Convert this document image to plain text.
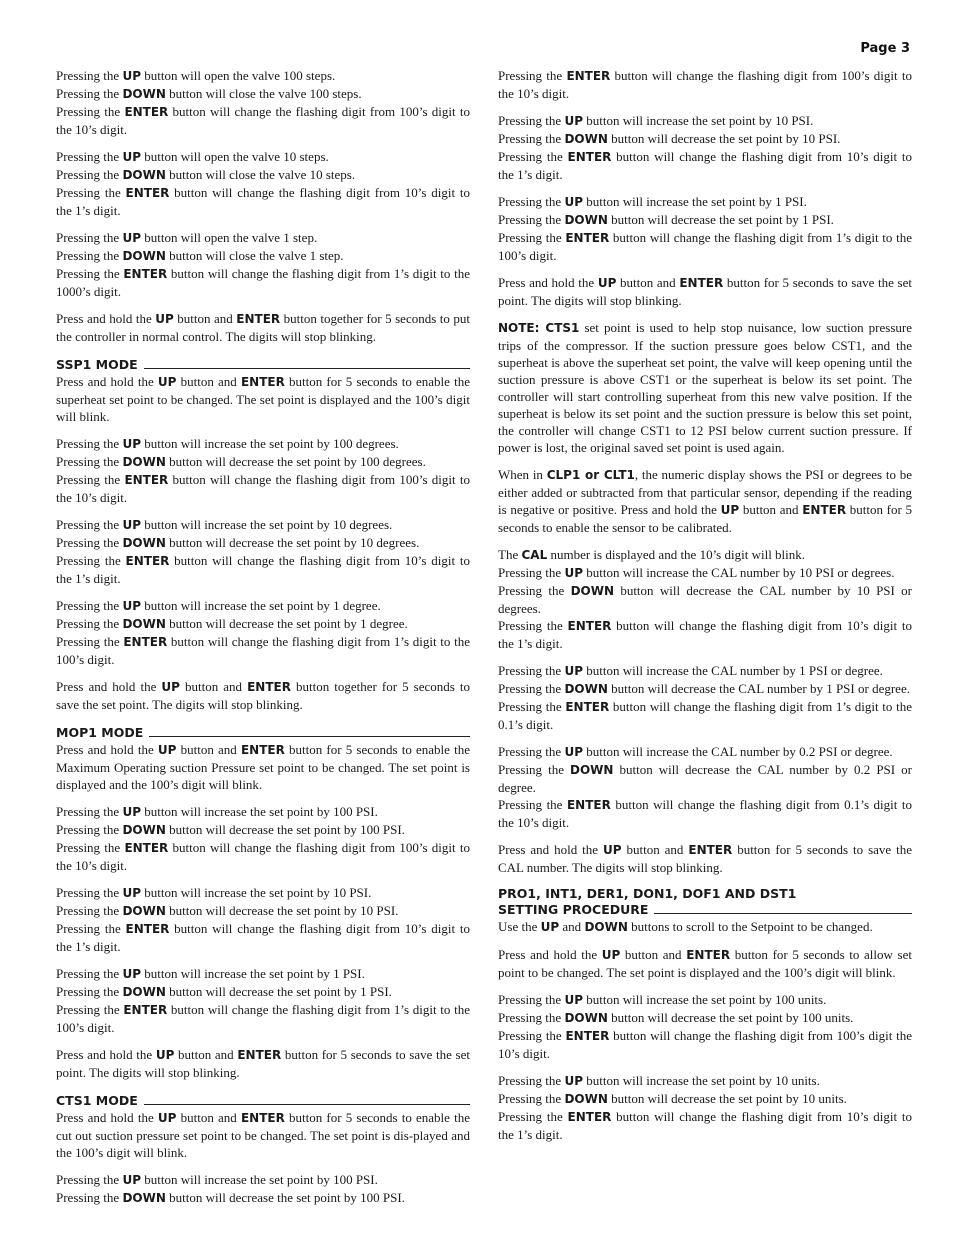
Page 3

Pressing the UP button will open the valve 100 steps.
Pressing the DOWN button will close the valve 100 steps.
Pressing the ENTER button will change the flashing digit from 100’s digit to the 10’s digit.

Pressing the UP button will open the valve 10 steps.
Pressing the DOWN button will close the valve 10 steps.
Pressing the ENTER button will change the flashing digit from 10’s digit to the 1’s digit.

Pressing the UP button will open the valve 1 step.
Pressing the DOWN button will close the valve 1 step.
Pressing the ENTER button will change the flashing digit from 1’s digit to the 1000’s digit.

Press and hold the UP button and ENTER button together for 5 seconds to put the controller in normal control. The digits will stop blinking.

SSP1 MODE

Press and hold the UP button and ENTER button for 5 seconds to enable the superheat set point to be changed. The set point is displayed and the 100’s digit will blink.

Pressing the UP button will increase the set point by 100 degrees.
Pressing the DOWN button will decrease the set point by 100 degrees.
Pressing the ENTER button will change the flashing digit from 100’s digit to the 10’s digit.

Pressing the UP button will increase the set point by 10 degrees.
Pressing the DOWN button will decrease the set point by 10 degrees.
Pressing the ENTER button will change the flashing digit from 10’s digit to the 1’s digit.

Pressing the UP button will increase the set point by 1 degree.
Pressing the DOWN button will decrease the set point by 1 degree.
Pressing the ENTER button will change the flashing digit from 1’s digit to the 100’s digit.

Press and hold the UP button and ENTER button together for 5 seconds to save the set point. The digits will stop blinking.

MOP1 MODE

Press and hold the UP button and ENTER button for 5 seconds to enable the Maximum Operating suction Pressure set point to be changed. The set point is displayed and the 100’s digit will blink.

Pressing the UP button will increase the set point by 100 PSI.
Pressing the DOWN button will decrease the set point by 100 PSI.
Pressing the ENTER button will change the flashing digit from 100’s digit to the 10’s digit.

Pressing the UP button will increase the set point by 10 PSI.
Pressing the DOWN button will decrease the set point by 10 PSI.
Pressing the ENTER button will change the flashing digit from 10’s digit to the 1’s digit.

Pressing the UP button will increase the set point by 1 PSI.
Pressing the DOWN button will decrease the set point by 1 PSI.
Pressing the ENTER button will change the flashing digit from 1’s digit to the 100’s digit.

Press and hold the UP button and ENTER button for 5 seconds to save the set point. The digits will stop blinking.

CTS1 MODE

Press and hold the UP button and ENTER button for 5 seconds to enable the cut out suction pressure set point to be changed. The set point is dis-played and the 100’s digit will blink.

Pressing the UP button will increase the set point by 100 PSI.
Pressing the DOWN button will decrease the set point by 100 PSI.

Pressing the ENTER button will change the flashing digit from 100’s digit to the 10’s digit.

Pressing the UP button will increase the set point by 10 PSI.
Pressing the DOWN button will decrease the set point by 10 PSI.
Pressing the ENTER button will change the flashing digit from 10’s digit to the 1’s digit.

Pressing the UP button will increase the set point by 1 PSI.
Pressing the DOWN button will decrease the set point by 1 PSI.
Pressing the ENTER button will change the flashing digit from 1’s digit to the 100’s digit.

Press and hold the UP button and ENTER button for 5 seconds to save the set point. The digits will stop blinking.

NOTE: CTS1 set point is used to help stop nuisance, low suction pressure trips of the compressor. If the suction pressure goes below CST1, and the superheat is above the superheat set point, the valve will keep opening until the suction pressure is above CST1 or the superheat is below its set point. The controller will start controlling superheat from this new valve position. If the superheat is below its set point and the suction pressure is below this set point, the controller will change CST1 to 12 PSI below current suction pressure. If power is lost, the original saved set point is used again.

When in CLP1 or CLT1, the numeric display shows the PSI or degrees to be either added or subtracted from that particular sensor, depending if the reading is negative or positive. Press and hold the UP button and ENTER button for 5 seconds to enable the sensor to be calibrated.

The CAL number is displayed and the 10’s digit will blink.
Pressing the UP button will increase the CAL number by 10 PSI or degrees.
Pressing the DOWN button will decrease the CAL number by 10 PSI or degrees.
Pressing the ENTER button will change the flashing digit from 10’s digit to the 1’s digit.

Pressing the UP button will increase the CAL number by 1 PSI or degree.
Pressing the DOWN button will decrease the CAL number by 1 PSI or degree.
Pressing the ENTER button will change the flashing digit from 1’s digit to the 0.1’s digit.

Pressing the UP button will increase the CAL number by 0.2 PSI or degree.
Pressing the DOWN button will decrease the CAL number by 0.2 PSI or degree.
Pressing the ENTER button will change the flashing digit from 0.1’s digit to the 10’s digit.

Press and hold the UP button and ENTER button for 5 seconds to save the CAL number. The digits will stop blinking.

PRO1, INT1, DER1, DON1, DOF1 AND DST1
SETTING PROCEDURE

Use the UP and DOWN buttons to scroll to the Setpoint to be changed.

Press and hold the UP button and ENTER button for 5 seconds to allow set point to be changed. The set point is displayed and the 100’s digit will blink.

Pressing the UP button will increase the set point by 100 units.
Pressing the DOWN button will decrease the set point by 100 units.
Pressing the ENTER button will change the flashing digit from 100’s digit the 10’s digit.

Pressing the UP button will increase the set point by 10 units.
Pressing the DOWN button will decrease the set point by 10 units.
Pressing the ENTER button will change the flashing digit from 10’s digit to the 1’s digit.
